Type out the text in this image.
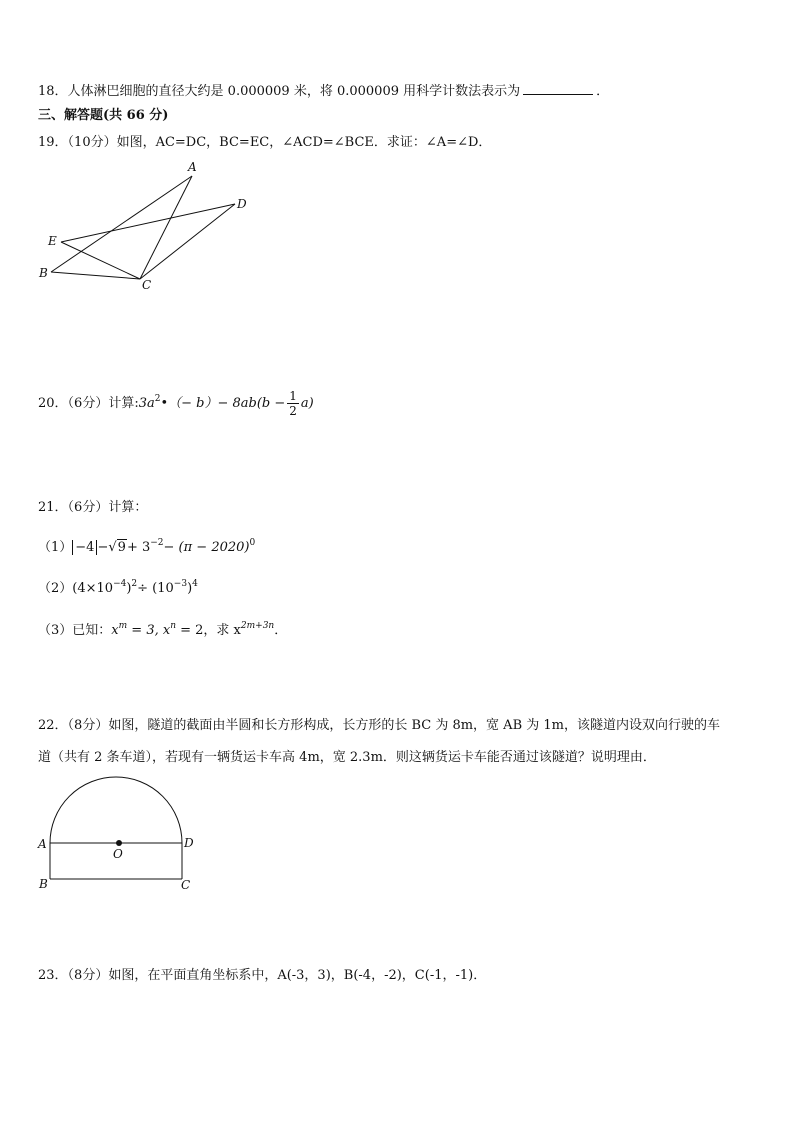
18．人体淋巴细胞的直径大约是 0.000009 米，将 0.000009 用科学计数法表示为	．
三、解答题(共 66 分)
19．（10分）如图，AC=DC，BC=EC，∠ACD=∠BCE．求证：∠A=∠D．
A
D
E
B
C
20．（6分）计算$:3a^2•(- b)- 8ab(b - \frac{1}{2} a)$
21．（6分）计算：
$(1) -4 -√9+ 3^{-2}- (\pi - 2020)^0$
$(2)(4\times 10^{-4})^2\div (10^{-3})^4$
（3）已知：$x^m = 3$, $x^n = 2$，求 $x^{2m+3n}$．
22．（8分）如图，隧道的截面由半圆和长方形构成，长方形的长 BC 为 8m，宽 AB 为 1m，该隧道内设双向行驶的车
道（共有 2 条车道），若现有一辆货运卡车高 4m，宽 2.3m．则这辆货运卡车能否通过该隧道？说明理由．
A	D
O
B	C
23．（8分）如图，在平面直角坐标系中，A(-3，3)，B(-4，-2)，C(-1，-1)．
